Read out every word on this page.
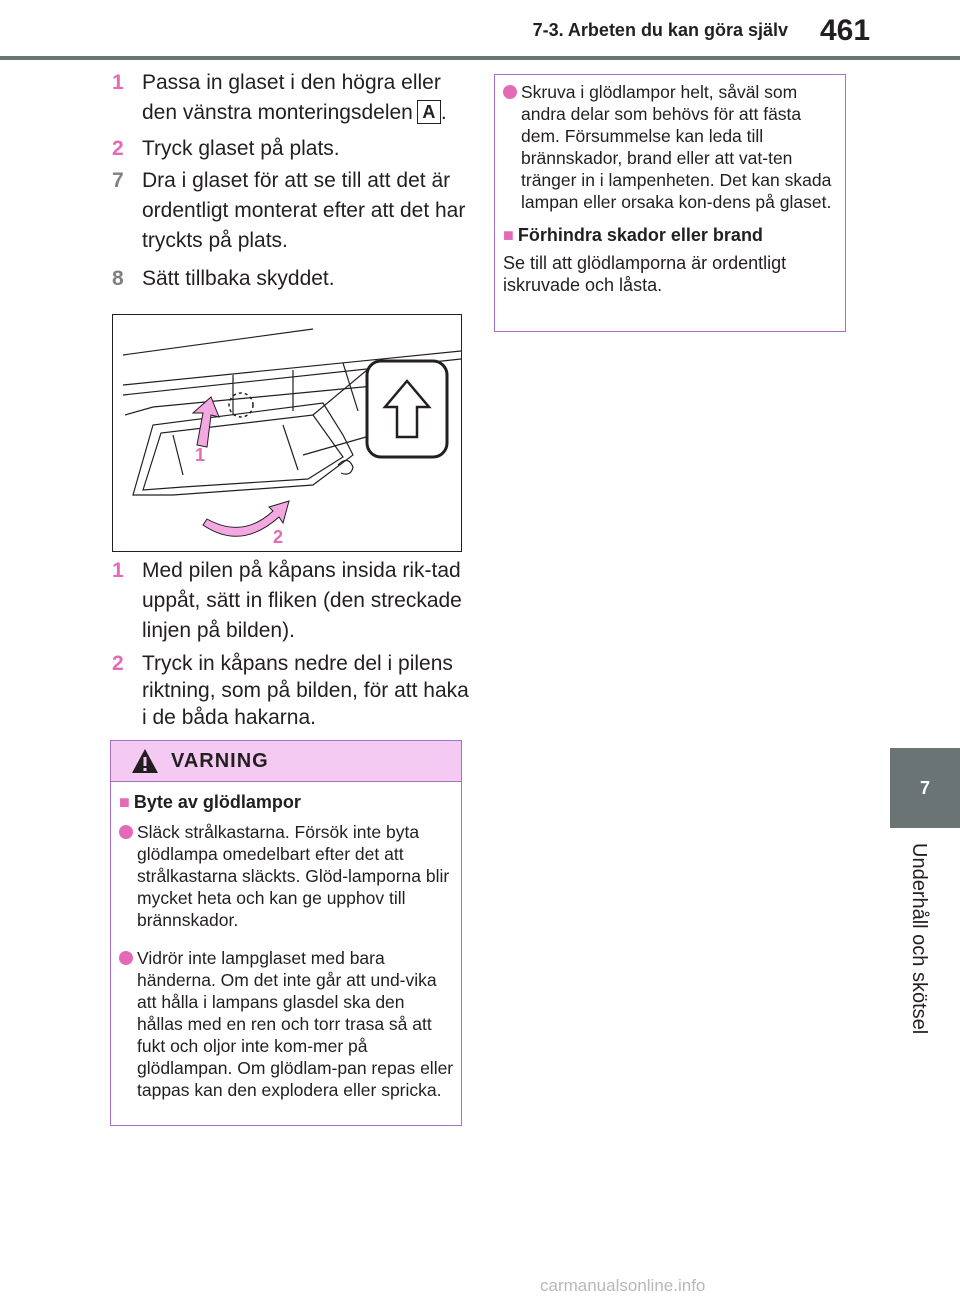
7-3. Arbeten du kan göra själv 461
7
Underhåll och skötsel
1 Passa in glaset i den högra eller den vänstra monteringsdelen A .
2 Tryck glaset på plats.
7 Dra i glaset för att se till att det är ordentligt monterat efter att det har tryckts på plats.
8 Sätt tillbaka skyddet.
1
2
1 Med pilen på kåpans insida rik-tad uppåt, sätt in fliken (den streckade linjen på bilden).
2 Tryck in kåpans nedre del i pilens riktning, som på bilden, för att haka i de båda hakarna.
VARNING
■ Byte av glödlampor
Släck strålkastarna. Försök inte byta glödlampa omedelbart efter det att strålkastarna släckts. Glöd-lamporna blir mycket heta och kan ge upphov till brännskador.
Vidrör inte lampglaset med bara händerna. Om det inte går att und-vika att hålla i lampans glasdel ska den hållas med en ren och torr trasa så att fukt och oljor inte kom-mer på glödlampan. Om glödlam-pan repas eller tappas kan den explodera eller spricka.
Skruva i glödlampor helt, såväl som andra delar som behövs för att fästa dem. Försummelse kan leda till brännskador, brand eller att vat-ten tränger in i lampenheten. Det kan skada lampan eller orsaka kon-dens på glaset.
■ Förhindra skador eller brand

Se till att glödlamporna är ordentligt iskruvade och låsta.

carmanualsonline.info
